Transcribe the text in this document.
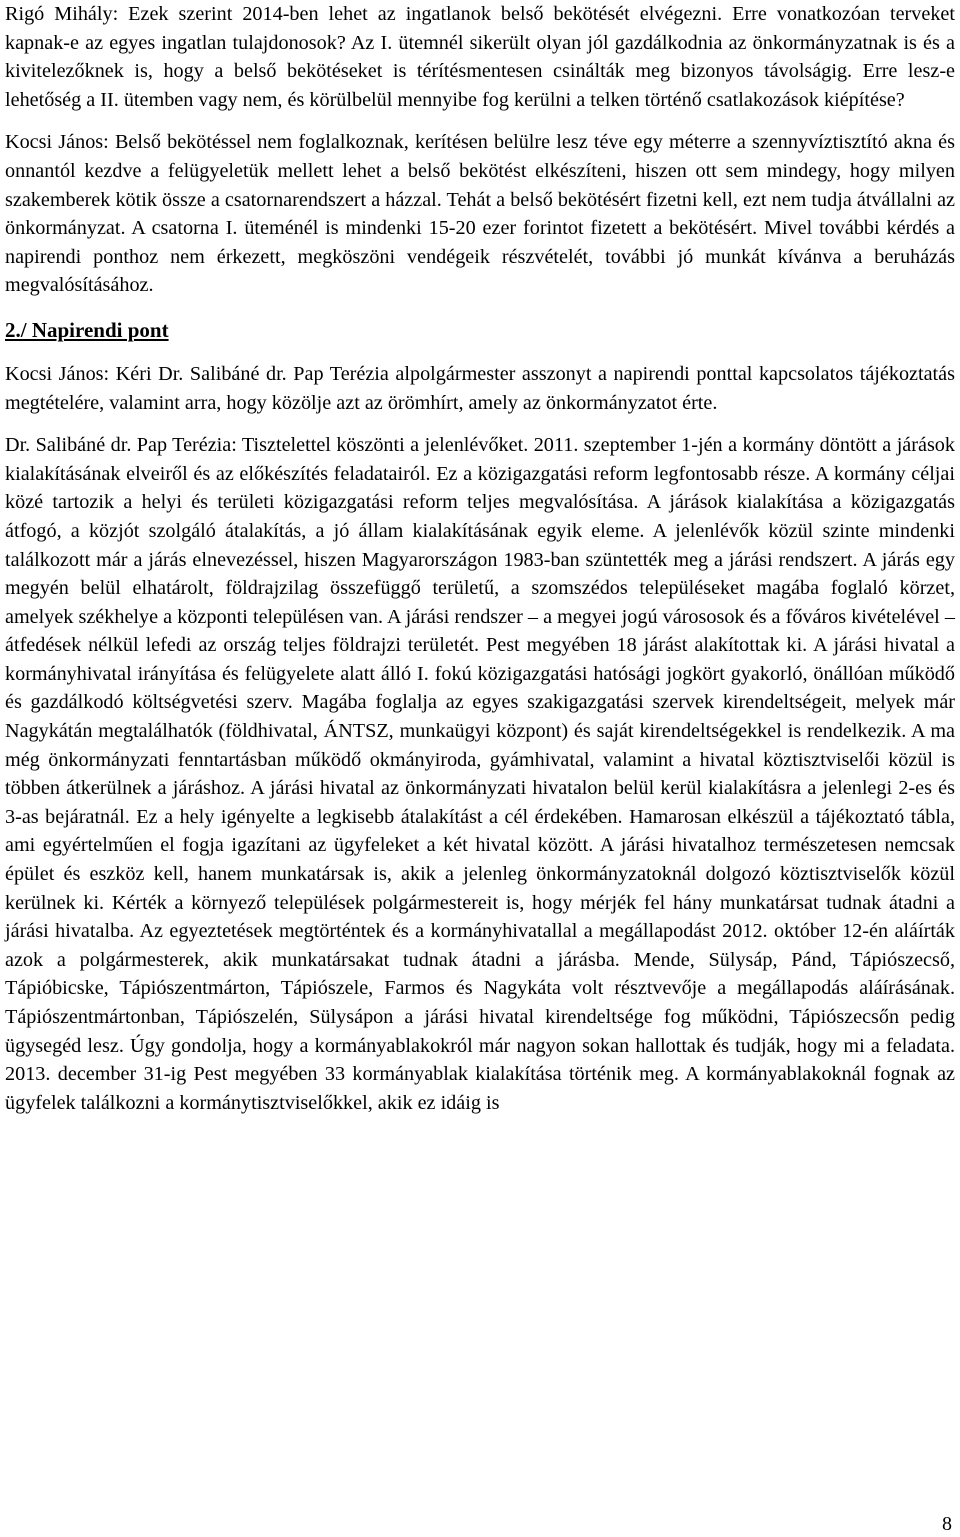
Rigó Mihály: Ezek szerint 2014-ben lehet az ingatlanok belső bekötését elvégezni. Erre vonatkozóan terveket kapnak-e az egyes ingatlan tulajdonosok? Az I. ütemnél sikerült olyan jól gazdálkodnia az önkormányzatnak is és a kivitelezőknek is, hogy a belső bekötéseket is térítésmentesen csinálták meg bizonyos távolságig. Erre lesz-e lehetőség a II. ütemben vagy nem, és körülbelül mennyibe fog kerülni a telken történő csatlakozások kiépítése?

Kocsi János: Belső bekötéssel nem foglalkoznak, kerítésen belülre lesz téve egy méterre a szennyvíztisztító akna és onnantól kezdve a felügyeletük mellett lehet a belső bekötést elkészíteni, hiszen ott sem mindegy, hogy milyen szakemberek kötik össze a csatornarendszert a házzal. Tehát a belső bekötésért fizetni kell, ezt nem tudja átvállalni az önkormányzat. A csatorna I. üteménél is mindenki 15-20 ezer forintot fizetett a bekötésért. Mivel további kérdés a napirendi ponthoz nem érkezett, megköszöni vendégeik részvételét, további jó munkát kívánva a beruházás megvalósításához.

2./ Napirendi pont

Kocsi János: Kéri Dr. Salibáné dr. Pap Terézia alpolgármester asszonyt a napirendi ponttal kapcsolatos tájékoztatás megtételére, valamint arra, hogy közölje azt az örömhírt, amely az önkormányzatot érte.

Dr. Salibáné dr. Pap Terézia: Tisztelettel köszönti a jelenlévőket. 2011. szeptember 1-jén a kormány döntött a járások kialakításának elveiről és az előkészítés feladatairól. Ez a közigazgatási reform legfontosabb része. A kormány céljai közé tartozik a helyi és területi közigazgatási reform teljes megvalósítása. A járások kialakítása a közigazgatás átfogó, a közjót szolgáló átalakítás, a jó állam kialakításának egyik eleme. A jelenlévők közül szinte mindenki találkozott már a járás elnevezéssel, hiszen Magyarországon 1983-ban szüntették meg a járási rendszert. A járás egy megyén belül elhatárolt, földrajzilag összefüggő területű, a szomszédos településeket magába foglaló körzet, amelyek székhelye a központi településen van. A járási rendszer – a megyei jogú várososok és a főváros kivételével – átfedések nélkül lefedi az ország teljes földrajzi területét. Pest megyében 18 járást alakítottak ki. A járási hivatal a kormányhivatal irányítása és felügyelete alatt álló I. fokú közigazgatási hatósági jogkört gyakorló, önállóan működő és gazdálkodó költségvetési szerv. Magába foglalja az egyes szakigazgatási szervek kirendeltségeit, melyek már Nagykátán megtalálhatók (földhivatal, ÁNTSZ, munkaügyi központ) és saját kirendeltségekkel is rendelkezik. A ma még önkormányzati fenntartásban működő okmányiroda, gyámhivatal, valamint a hivatal köztisztviselői közül is többen átkerülnek a járáshoz. A járási hivatal az önkormányzati hivatalon belül kerül kialakításra a jelenlegi 2-es és 3-as bejáratnál. Ez a hely igényelte a legkisebb átalakítást a cél érdekében. Hamarosan elkészül a tájékoztató tábla, ami egyértelműen el fogja igazítani az ügyfeleket a két hivatal között. A járási hivatalhoz természetesen nemcsak épület és eszköz kell, hanem munkatársak is, akik a jelenleg önkormányzatoknál dolgozó köztisztviselők közül kerülnek ki. Kérték a környező települések polgármestereit is, hogy mérjék fel hány munkatársat tudnak átadni a járási hivatalba. Az egyeztetések megtörténtek és a kormányhivatallal a megállapodást 2012. október 12-én aláírták azok a polgármesterek, akik munkatársakat tudnak átadni a járásba. Mende, Sülysáp, Pánd, Tápiószecső, Tápióbicske, Tápiószentmárton, Tápiószele, Farmos és Nagykáta volt résztvevője a megállapodás aláírásának. Tápiószentmártonban, Tápiószelén, Sülysápon a járási hivatal kirendeltsége fog működni, Tápiószecsőn pedig ügysegéd lesz. Úgy gondolja, hogy a kormányablakokról már nagyon sokan hallottak és tudják, hogy mi a feladata. 2013. december 31-ig Pest megyében 33 kormányablak kialakítása történik meg. A kormányablakoknál fognak az ügyfelek találkozni a kormánytisztviselőkkel, akik ez idáig is

8
